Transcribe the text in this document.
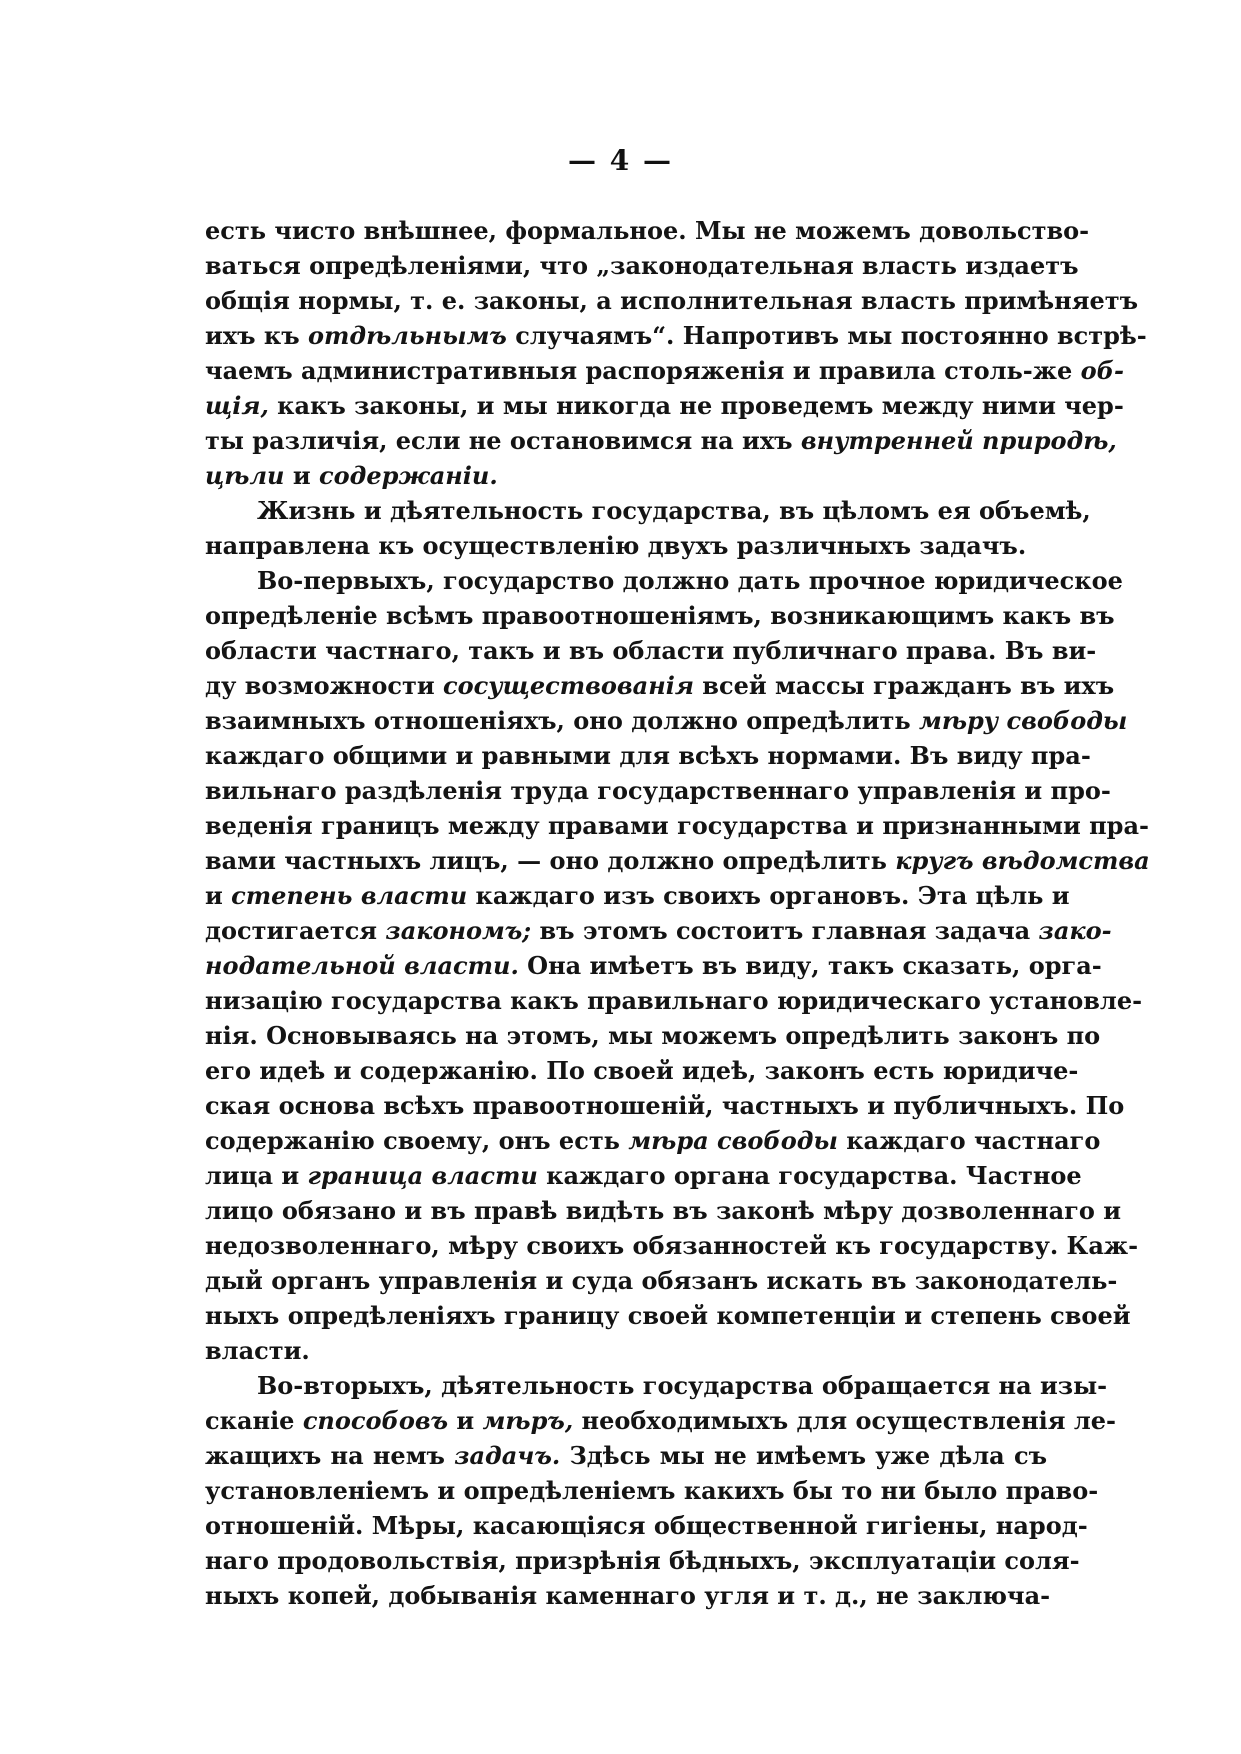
— 4 —
есть чисто внѣшнее, формальное. Мы не можемъ довольство-
ваться опредѣленіями, что „законодательная власть издаетъ
общія нормы, т. е. законы, а исполнительная власть примѣняетъ
ихъ къ отдѣльнымъ случаямъ“. Напротивъ мы постоянно встрѣ-
чаемъ административныя распоряженія и правила столь-же об-
щія, какъ законы, и мы никогда не проведемъ между ними чер-
ты различія, если не остановимся на ихъ внутренней природѣ,
цѣли и содержаніи.
Жизнь и дѣятельность государства, въ цѣломъ ея объемѣ,
направлена къ осуществленію двухъ различныхъ задачъ.
Во-первыхъ, государство должно дать прочное юридическое
опредѣленіе всѣмъ правоотношеніямъ, возникающимъ какъ въ
области частнаго, такъ и въ области публичнаго права. Въ ви-
ду возможности сосуществованія всей массы гражданъ въ ихъ
взаимныхъ отношеніяхъ, оно должно опредѣлить мѣру свободы
каждаго общими и равными для всѣхъ нормами. Въ виду пра-
вильнаго раздѣленія труда государственнаго управленія и про-
веденія границъ между правами государства и признанными пра-
вами частныхъ лицъ, — оно должно опредѣлить кругъ вѣдомства
и степень власти каждаго изъ своихъ органовъ. Эта цѣль и
достигается закономъ; въ этомъ состоитъ главная задача зако-
нодательной власти. Она имѣетъ въ виду, такъ сказать, орга-
низацію государства какъ правильнаго юридическаго установле-
нія. Основываясь на этомъ, мы можемъ опредѣлить законъ по
его идеѣ и содержанію. По своей идеѣ, законъ есть юридиче-
ская основа всѣхъ правоотношеній, частныхъ и публичныхъ. По
содержанію своему, онъ есть мѣра свободы каждаго частнаго
лица и граница власти каждаго органа государства. Частное
лицо обязано и въ правѣ видѣть въ законѣ мѣру дозволеннаго и
недозволеннаго, мѣру своихъ обязанностей къ государству. Каж-
дый органъ управленія и суда обязанъ искать въ законодатель-
ныхъ опредѣленіяхъ границу своей компетенціи и степень своей
власти.
Во-вторыхъ, дѣятельность государства обращается на изы-
сканіе способовъ и мѣръ, необходимыхъ для осуществленія ле-
жащихъ на немъ задачъ. Здѣсь мы не имѣемъ уже дѣла съ
установленіемъ и опредѣленіемъ какихъ бы то ни было право-
отношеній. Мѣры, касающіяся общественной гигіены, народ-
наго продовольствія, призрѣнія бѣдныхъ, эксплуатаціи соля-
ныхъ копей, добыванія каменнаго угля и т. д., не заключа-
